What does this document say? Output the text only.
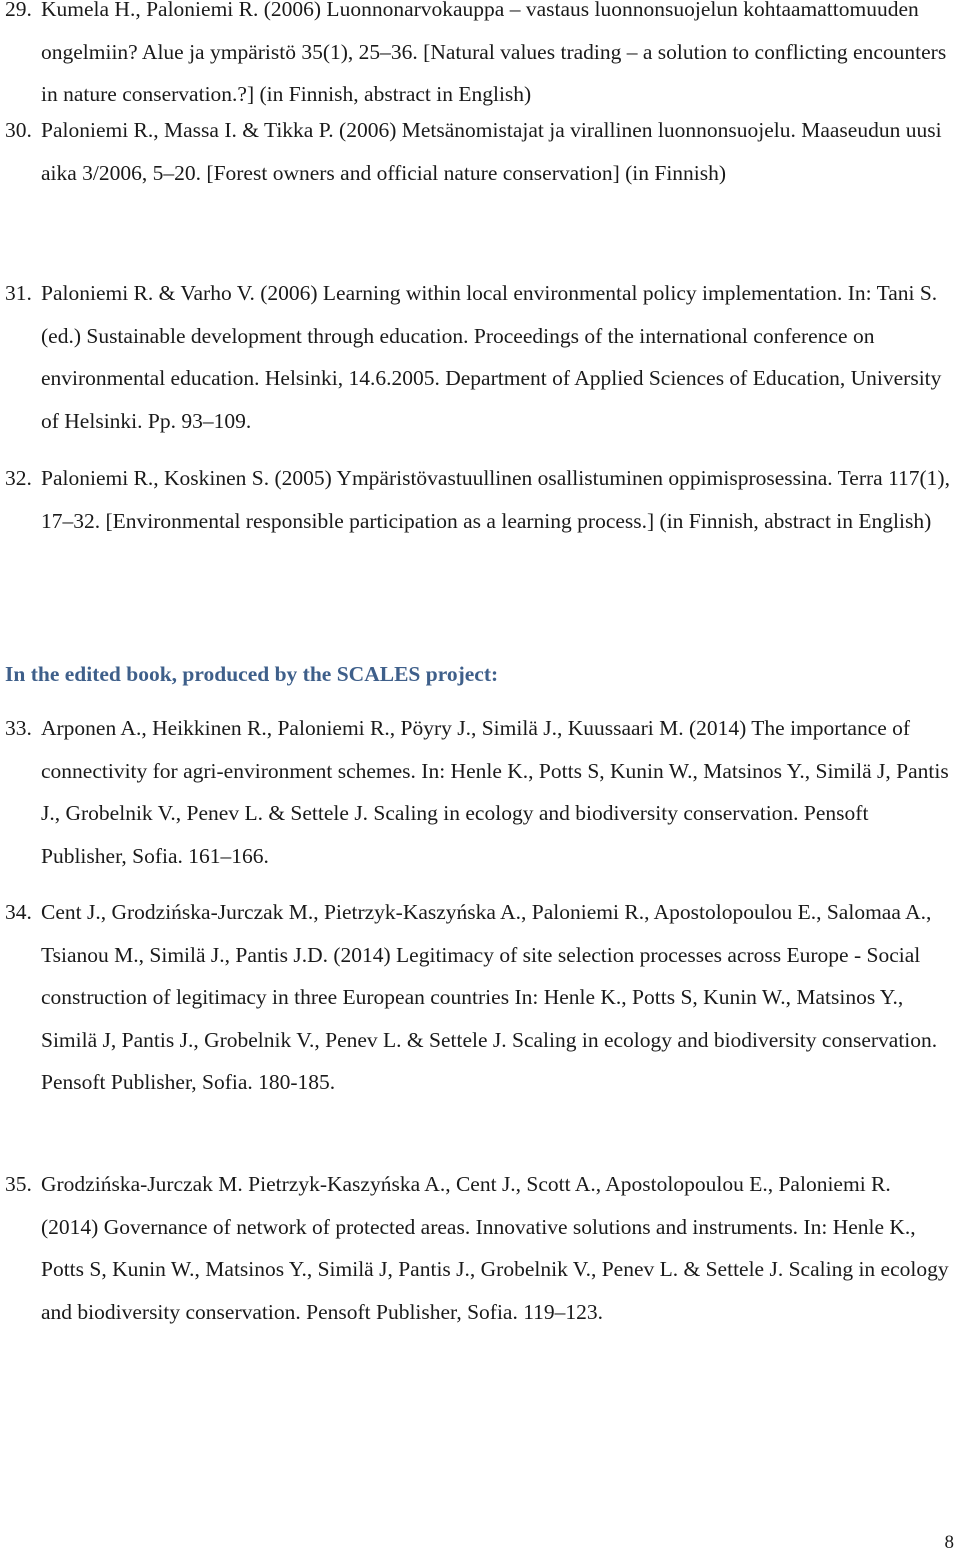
29. Kumela H., Paloniemi R. (2006) Luonnonarvokauppa – vastaus luonnonsuojelun kohtaamattomuuden ongelmiin? Alue ja ympäristö 35(1), 25–36. [Natural values trading – a solution to conflicting encounters in nature conservation.?] (in Finnish, abstract in English)
30. Paloniemi R., Massa I. & Tikka P. (2006) Metsänomistajat ja virallinen luonnonsuojelu. Maaseudun uusi aika 3/2006, 5–20. [Forest owners and official nature conservation] (in Finnish)
31. Paloniemi R. & Varho V. (2006) Learning within local environmental policy implementation. In: Tani S. (ed.) Sustainable development through education. Proceedings of the international conference on environmental education. Helsinki, 14.6.2005. Department of Applied Sciences of Education, University of Helsinki. Pp. 93–109.
32. Paloniemi R., Koskinen S. (2005) Ympäristövastuullinen osallistuminen oppimisprosessina. Terra 117(1), 17–32. [Environmental responsible participation as a learning process.] (in Finnish, abstract in English)
In the edited book, produced by the SCALES project:
33. Arponen A., Heikkinen R., Paloniemi R., Pöyry J., Similä J., Kuussaari M. (2014) The importance of connectivity for agri-environment schemes. In: Henle K., Potts S, Kunin W., Matsinos Y., Similä J, Pantis J., Grobelnik V., Penev L. & Settele J. Scaling in ecology and biodiversity conservation. Pensoft Publisher, Sofia. 161–166.
34. Cent J., Grodzińska-Jurczak M., Pietrzyk-Kaszyńska A., Paloniemi R., Apostolopoulou E., Salomaa A., Tsianou M., Similä J., Pantis J.D. (2014) Legitimacy of site selection processes across Europe - Social construction of legitimacy in three European countries In: Henle K., Potts S, Kunin W., Matsinos Y., Similä J, Pantis J., Grobelnik V., Penev L. & Settele J. Scaling in ecology and biodiversity conservation. Pensoft Publisher, Sofia. 180-185.
35. Grodzińska-Jurczak M. Pietrzyk-Kaszyńska A., Cent J., Scott A., Apostolopoulou E., Paloniemi R. (2014) Governance of network of protected areas. Innovative solutions and instruments. In: Henle K., Potts S, Kunin W., Matsinos Y., Similä J, Pantis J., Grobelnik V., Penev L. & Settele J. Scaling in ecology and biodiversity conservation. Pensoft Publisher, Sofia. 119–123.
8
